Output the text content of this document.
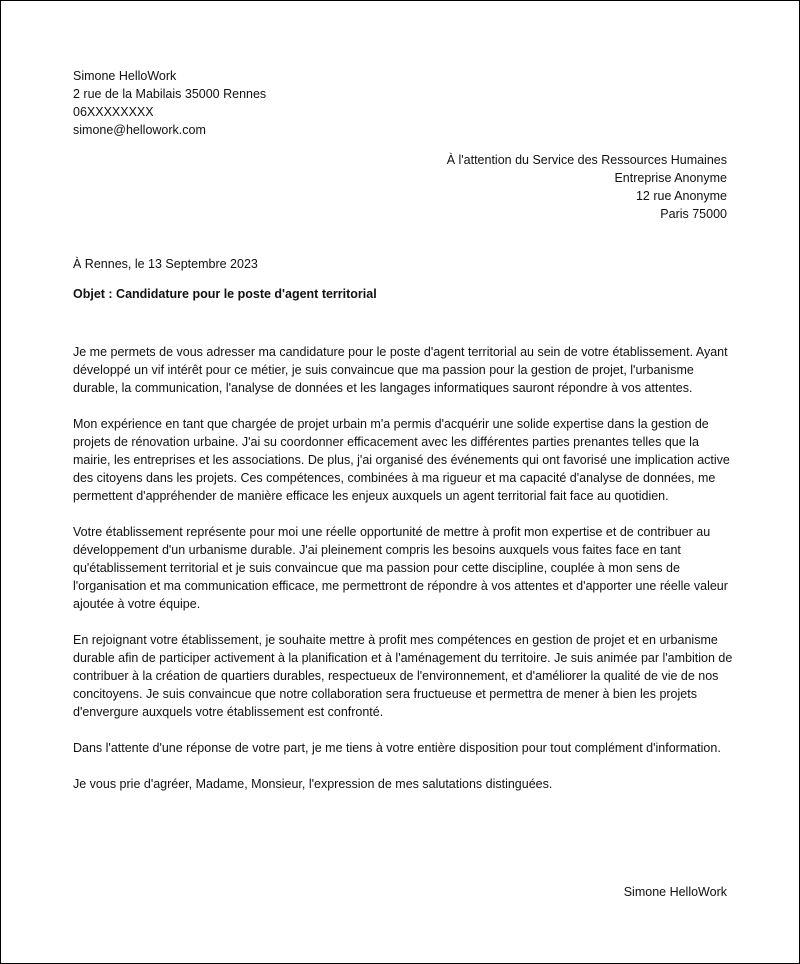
Simone HelloWork
2 rue de la Mabilais 35000 Rennes
06XXXXXXXX
simone@hellowork.com
À l'attention du Service des Ressources Humaines
Entreprise Anonyme
12 rue Anonyme
Paris 75000
À Rennes, le 13 Septembre 2023
Objet : Candidature pour le poste d'agent territorial

Je me permets de vous adresser ma candidature pour le poste d'agent territorial au sein de votre établissement. Ayant développé un vif intérêt pour ce métier, je suis convaincue que ma passion pour la gestion de projet, l'urbanisme durable, la communication, l'analyse de données et les langages informatiques sauront répondre à vos attentes.

Mon expérience en tant que chargée de projet urbain m'a permis d'acquérir une solide expertise dans la gestion de projets de rénovation urbaine. J'ai su coordonner efficacement avec les différentes parties prenantes telles que la mairie, les entreprises et les associations. De plus, j'ai organisé des événements qui ont favorisé une implication active des citoyens dans les projets. Ces compétences, combinées à ma rigueur et ma capacité d'analyse de données, me permettent d'appréhender de manière efficace les enjeux auxquels un agent territorial fait face au quotidien.

Votre établissement représente pour moi une réelle opportunité de mettre à profit mon expertise et de contribuer au développement d'un urbanisme durable. J'ai pleinement compris les besoins auxquels vous faites face en tant qu'établissement territorial et je suis convaincue que ma passion pour cette discipline, couplée à mon sens de l'organisation et ma communication efficace, me permettront de répondre à vos attentes et d'apporter une réelle valeur ajoutée à votre équipe.

En rejoignant votre établissement, je souhaite mettre à profit mes compétences en gestion de projet et en urbanisme durable afin de participer activement à la planification et à l'aménagement du territoire. Je suis animée par l'ambition de contribuer à la création de quartiers durables, respectueux de l'environnement, et d'améliorer la qualité de vie de nos concitoyens. Je suis convaincue que notre collaboration sera fructueuse et permettra de mener à bien les projets d'envergure auxquels votre établissement est confronté.

Dans l'attente d'une réponse de votre part, je me tiens à votre entière disposition pour tout complément d'information.

Je vous prie d'agréer, Madame, Monsieur, l'expression de mes salutations distinguées.

Simone HelloWork
